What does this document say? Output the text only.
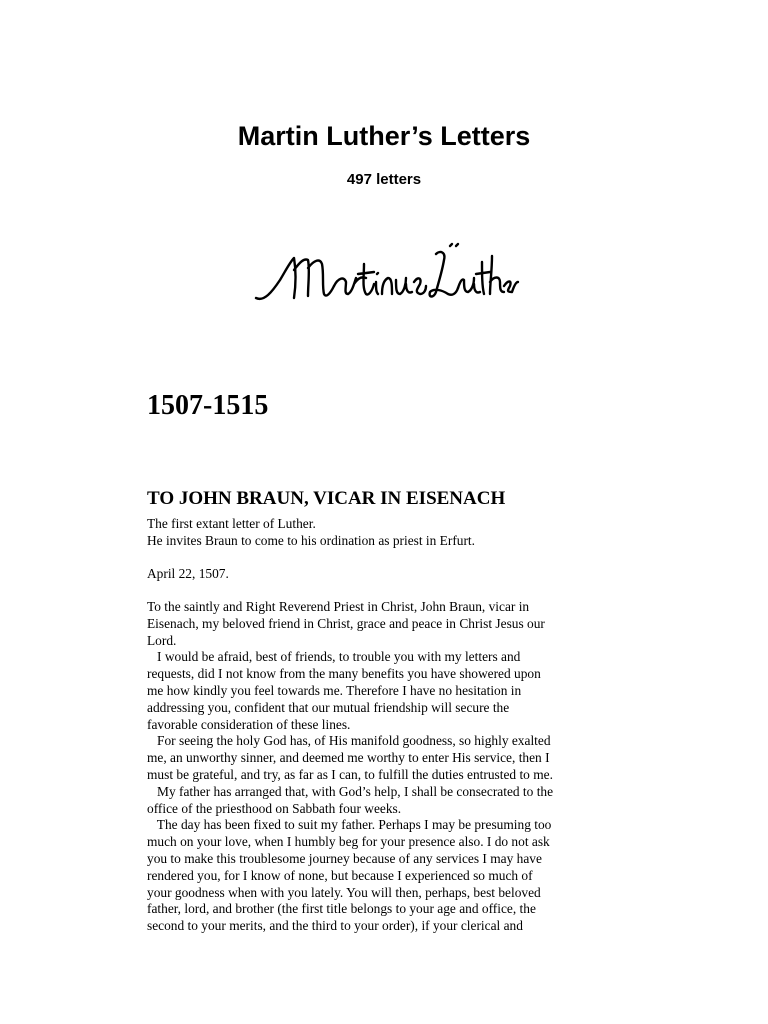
Martin Luther’s Letters
497 letters
1507-1515
TO JOHN BRAUN, VICAR IN EISENACH
The first extant letter of Luther.
He invites Braun to come to his ordination as priest in Erfurt.
April 22, 1507.
To the saintly and Right Reverend Priest in Christ, John Braun, vicar in
Eisenach, my beloved friend in Christ, grace and peace in Christ Jesus our
Lord.
I would be afraid, best of friends, to trouble you with my letters and
requests, did I not know from the many benefits you have showered upon
me how kindly you feel towards me. Therefore I have no hesitation in
addressing you, confident that our mutual friendship will secure the
favorable consideration of these lines.
For seeing the holy God has, of His manifold goodness, so highly exalted
me, an unworthy sinner, and deemed me worthy to enter His service, then I
must be grateful, and try, as far as I can, to fulfill the duties entrusted to me.
My father has arranged that, with God’s help, I shall be consecrated to the
office of the priesthood on Sabbath four weeks.
The day has been fixed to suit my father. Perhaps I may be presuming too
much on your love, when I humbly beg for your presence also. I do not ask
you to make this troublesome journey because of any services I may have
rendered you, for I know of none, but because I experienced so much of
your goodness when with you lately. You will then, perhaps, best beloved
father, lord, and brother (the first title belongs to your age and office, the
second to your merits, and the third to your order), if your clerical and
